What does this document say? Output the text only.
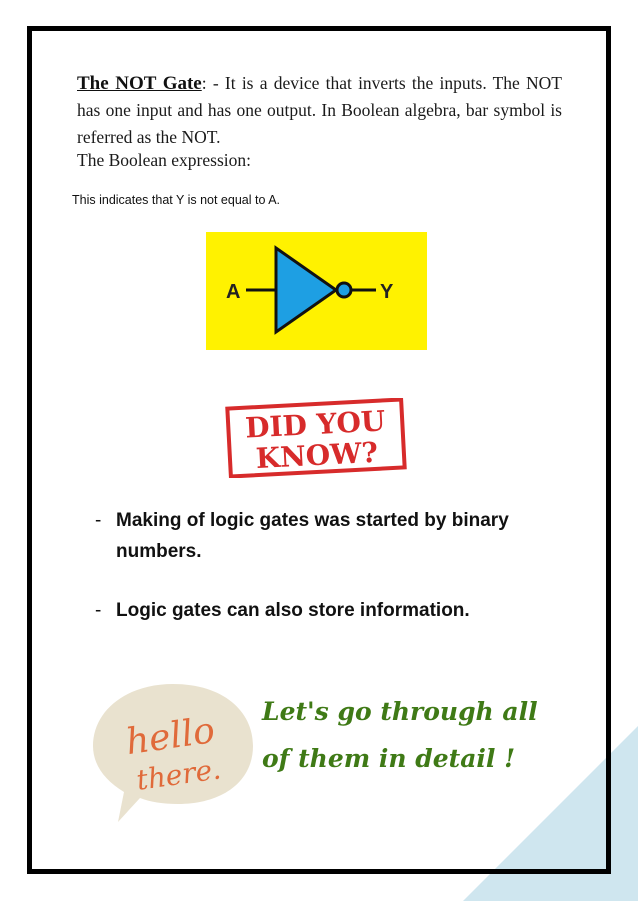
The NOT Gate: - It is a device that inverts the inputs. The NOT has one input and has one output. In Boolean algebra, bar symbol is referred as the NOT.
The Boolean expression:
This indicates that Y is not equal to A.
A	Y
DID YOU
KNOW?
- Making of logic gates was started by binary numbers.
- Logic gates can also store information.
hello
there.
Let's go through all
of them in detail !
